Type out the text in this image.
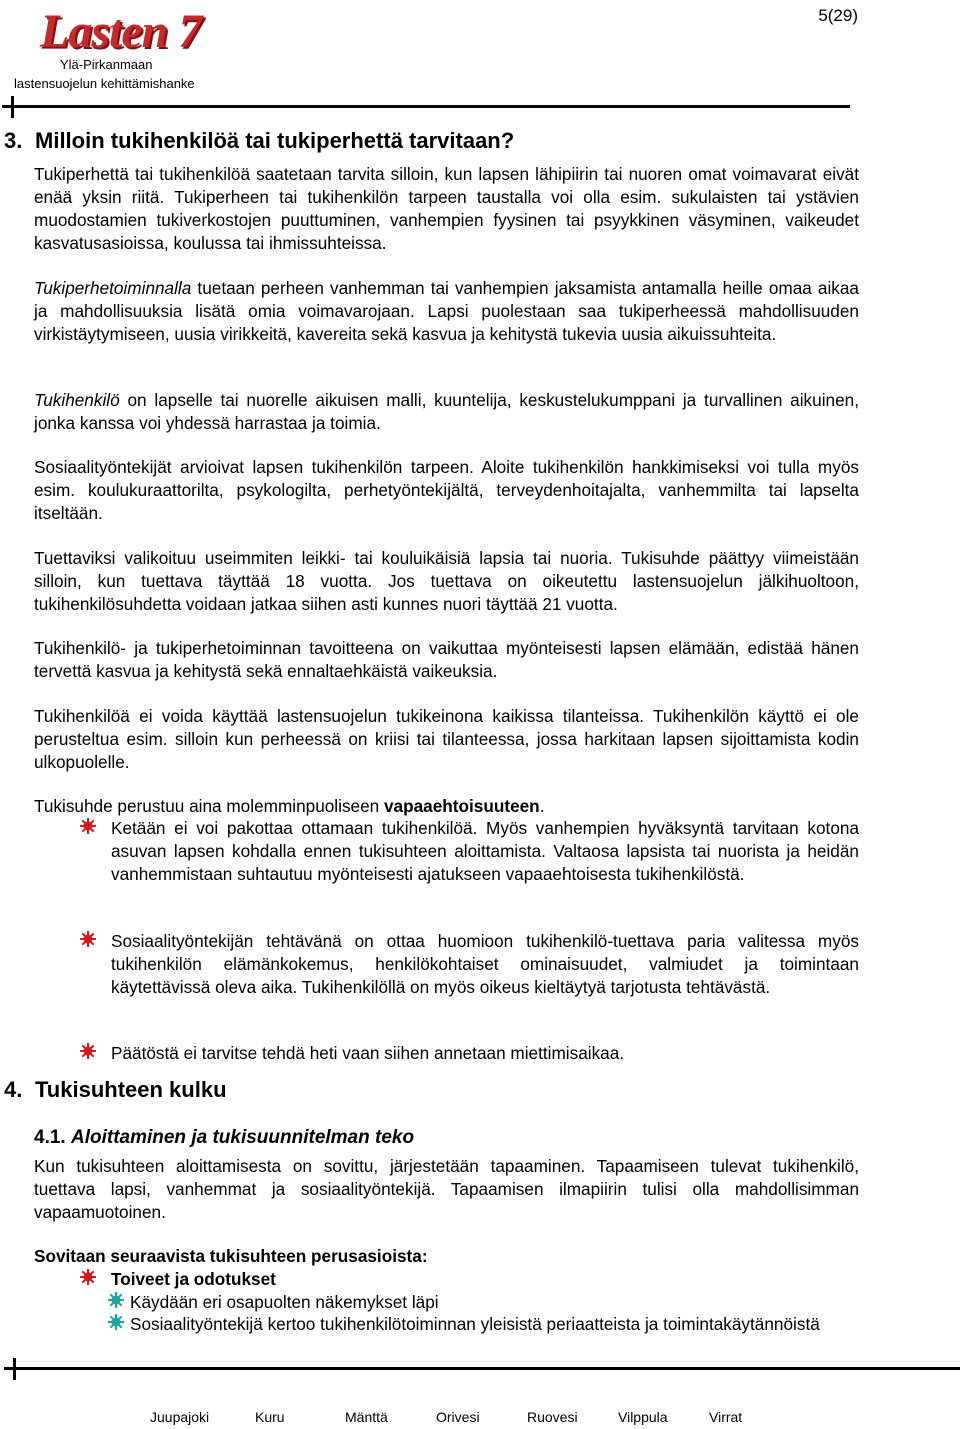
Lasten 7
Ylä-Pirkanmaan
lastensuojelun kehittämishanke
5(29)
3. Milloin tukihenkilöä tai tukiperhettä tarvitaan?

Tukiperhettä tai tukihenkilöä saatetaan tarvita silloin, kun lapsen lähipiirin tai nuoren omat voimavarat eivät enää yksin riitä. Tukiperheen tai tukihenkilön tarpeen taustalla voi olla esim. sukulaisten tai ystävien muodostamien tukiverkostojen puuttuminen, vanhempien fyysinen tai psyykkinen väsyminen, vaikeudet kasvatusasioissa, koulussa tai ihmissuhteissa.

Tukiperhetoiminnalla tuetaan perheen vanhemman tai vanhempien jaksamista antamalla heille omaa aikaa ja mahdollisuuksia lisätä omia voimavarojaan. Lapsi puolestaan saa tukiperheessä mahdollisuuden virkistäytymiseen, uusia virikkeitä, kavereita sekä kasvua ja kehitystä tukevia uusia aikuissuhteita.

Tukihenkilö on lapselle tai nuorelle aikuisen malli, kuuntelija, keskustelukumppani ja turvallinen aikuinen, jonka kanssa voi yhdessä harrastaa ja toimia.

Sosiaalityöntekijät arvioivat lapsen tukihenkilön tarpeen. Aloite tukihenkilön hankkimiseksi voi tulla myös esim. koulukuraattorilta, psykologilta, perhetyöntekijältä, terveydenhoitajalta, vanhemmilta tai lapselta itseltään.

Tuettaviksi valikoituu useimmiten leikki- tai kouluikäisiä lapsia tai nuoria. Tukisuhde päättyy viimeistään silloin, kun tuettava täyttää 18 vuotta. Jos tuettava on oikeutettu lastensuojelun jälkihuoltoon, tukihenkilösuhdetta voidaan jatkaa siihen asti kunnes nuori täyttää 21 vuotta.

Tukihenkilö- ja tukiperhetoiminnan tavoitteena on vaikuttaa myönteisesti lapsen elämään, edistää hänen tervettä kasvua ja kehitystä sekä ennaltaehkäistä vaikeuksia.

Tukihenkilöä ei voida käyttää lastensuojelun tukikeinona kaikissa tilanteissa. Tukihenkilön käyttö ei ole perusteltua esim. silloin kun perheessä on kriisi tai tilanteessa, jossa harkitaan lapsen sijoittamista kodin ulkopuolelle.

Tukisuhde perustuu aina molemminpuoliseen vapaaehtoisuuteen.

Ketään ei voi pakottaa ottamaan tukihenkilöä. Myös vanhempien hyväksyntä tarvitaan kotona asuvan lapsen kohdalla ennen tukisuhteen aloittamista. Valtaosa lapsista tai nuorista ja heidän vanhemmistaan suhtautuu myönteisesti ajatukseen vapaaehtoisesta tukihenkilöstä.
Sosiaalityöntekijän tehtävänä on ottaa huomioon tukihenkilö-tuettava paria valitessa myös tukihenkilön elämänkokemus, henkilökohtaiset ominaisuudet, valmiudet ja toimintaan käytettävissä oleva aika. Tukihenkilöllä on myös oikeus kieltäytyä tarjotusta tehtävästä.
Päätöstä ei tarvitse tehdä heti vaan siihen annetaan miettimisaikaa.
4. Tukisuhteen kulku
4.1. Aloittaminen ja tukisuunnitelman teko

Kun tukisuhteen aloittamisesta on sovittu, järjestetään tapaaminen. Tapaamiseen tulevat tukihenkilö, tuettava lapsi, vanhemmat ja sosiaalityöntekijä. Tapaamisen ilmapiirin tulisi olla mahdollisimman vapaamuotoinen.

Sovitaan seuraavista tukisuhteen perusasioista:

Toiveet ja odotukset
Käydään eri osapuolten näkemykset läpi
Sosiaalityöntekijä kertoo tukihenkilötoiminnan yleisistä periaatteista ja toimintakäytännöistä
Juupajoki	Kuru	Mänttä	Orivesi	Ruovesi	Vilppula	Virrat
